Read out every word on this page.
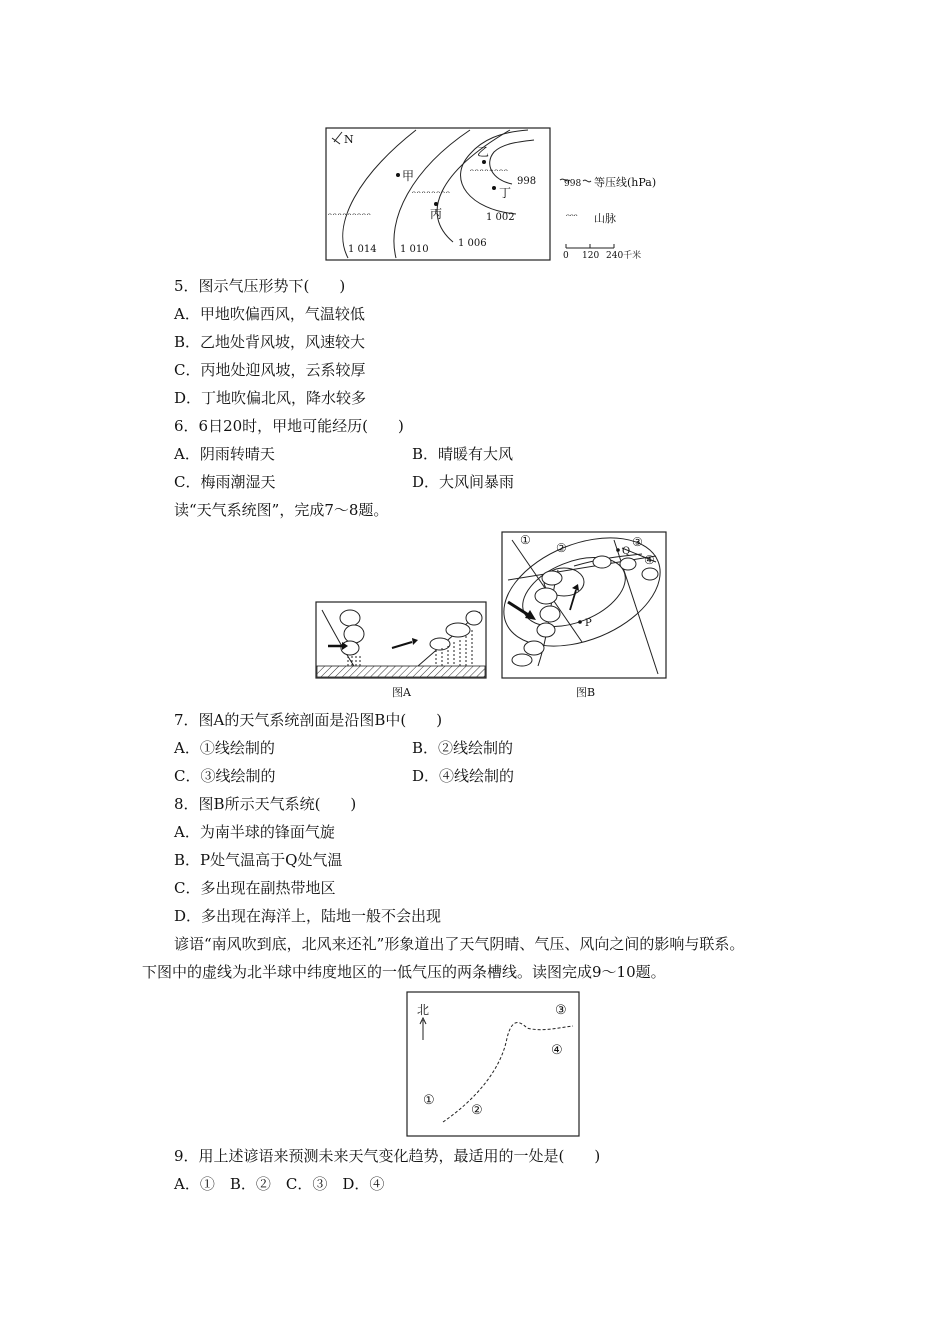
N
ᵔᵔᵔᵔᵔᵔᵔᵔᵔ
ᵔᵔᵔᵔᵔᵔᵔᵔ
ᵔᵔᵔᵔᵔᵔᵔᵔ
甲
乙
丙
丁
1 014 1 010
1 006
1 002
998	998 等压线(hPa)
ᵔᵔᵔ 山脉
0 120 240千米
5．图示气压形势下(　　)
A．甲地吹偏西风，气温较低
B．乙地处背风坡，风速较大
C．丙地处迎风坡，云系较厚
D．丁地吹偏北风，降水较多
6．6日20时，甲地可能经历(　　)
A．阴雨转晴天	B．晴暖有大风
C．梅雨潮湿天	D．大风间暴雨
读“天气系统图”，完成7～8题。
图A
①
②	③
④
Q
P
图B
7．图A的天气系统剖面是沿图B中(　　)
A．①线绘制的	B．②线绘制的
C．③线绘制的	D．④线绘制的
8．图B所示天气系统(　　)
A．为南半球的锋面气旋
B．P处气温高于Q处气温
C．多出现在副热带地区
D．多出现在海洋上，陆地一般不会出现
谚语“南风吹到底，北风来还礼”形象道出了天气阴晴、气压、风向之间的影响与联系。
下图中的虚线为北半球中纬度地区的一低气压的两条槽线。读图完成9～10题。
北
①
②
③
④
9．用上述谚语来预测未来天气变化趋势，最适用的一处是(　　)
A．①　B．②　C．③　D．④
